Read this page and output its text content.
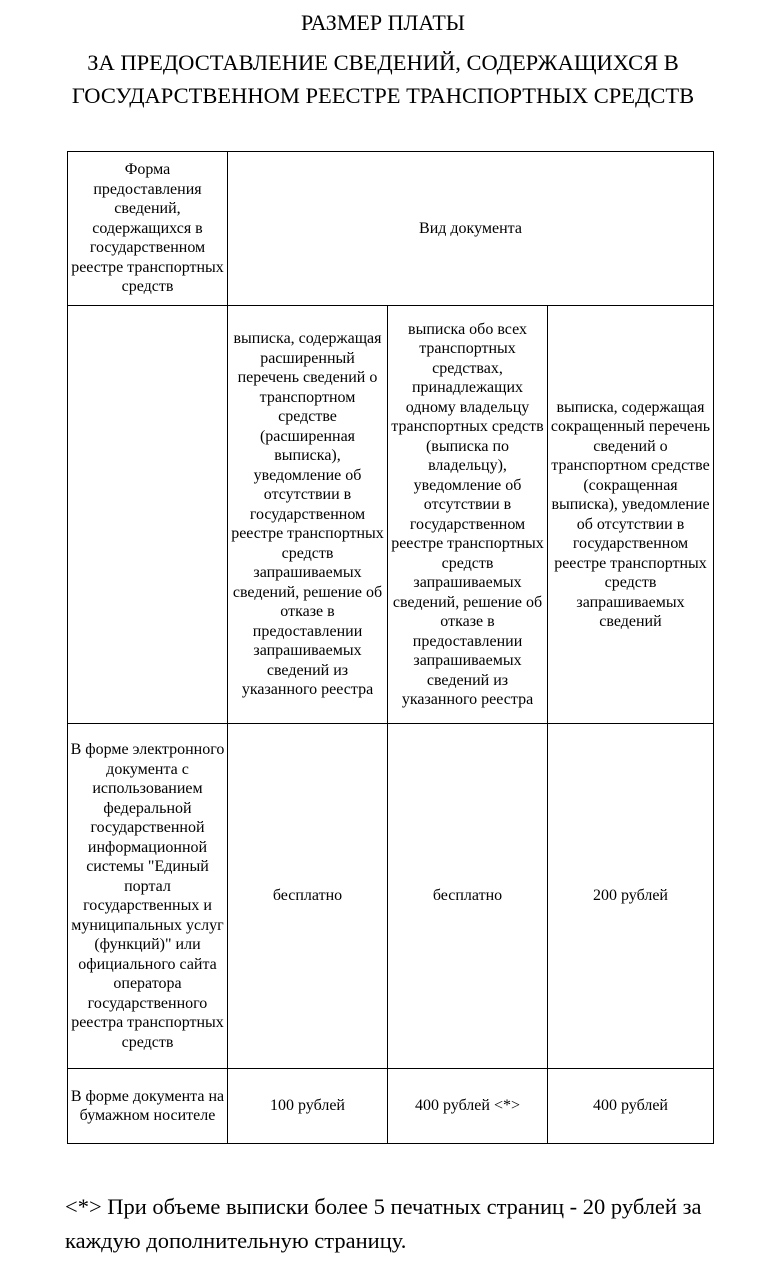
РАЗМЕР ПЛАТЫ
ЗА ПРЕДОСТАВЛЕНИЕ СВЕДЕНИЙ, СОДЕРЖАЩИХСЯ В ГОСУДАРСТВЕННОМ РЕЕСТРЕ ТРАНСПОРТНЫХ СРЕДСТВ
Форма предоставления сведений, содержащихся в государственном реестре транспортных средств	Вид документа		
	выписка, содержащая расширенный перечень сведений о транспортном средстве (расширенная выписка), уведомление об отсутствии в государственном реестре транспортных средств запрашиваемых сведений, решение об отказе в предоставлении запрашиваемых сведений из указанного реестра	выписка обо всех транспортных средствах, принадлежащих одному владельцу транспортных средств (выписка по владельцу), уведомление об отсутствии в государственном реестре транспортных средств запрашиваемых сведений, решение об отказе в предоставлении запрашиваемых сведений из указанного реестра	выписка, содержащая сокращенный перечень сведений о транспортном средстве (сокращенная выписка), уведомление об отсутствии в государственном реестре транспортных средств запрашиваемых сведений
В форме электронного документа с использованием федеральной государственной информационной системы "Единый портал государственных и муниципальных услуг (функций)" или официального сайта оператора государственного реестра транспортных средств	бесплатно	бесплатно	200 рублей
В форме документа на бумажном носителе	100 рублей	400 рублей <*>	400 рублей

<*> При объеме выписки более 5 печатных страниц - 20 рублей за каждую дополнительную страницу.
